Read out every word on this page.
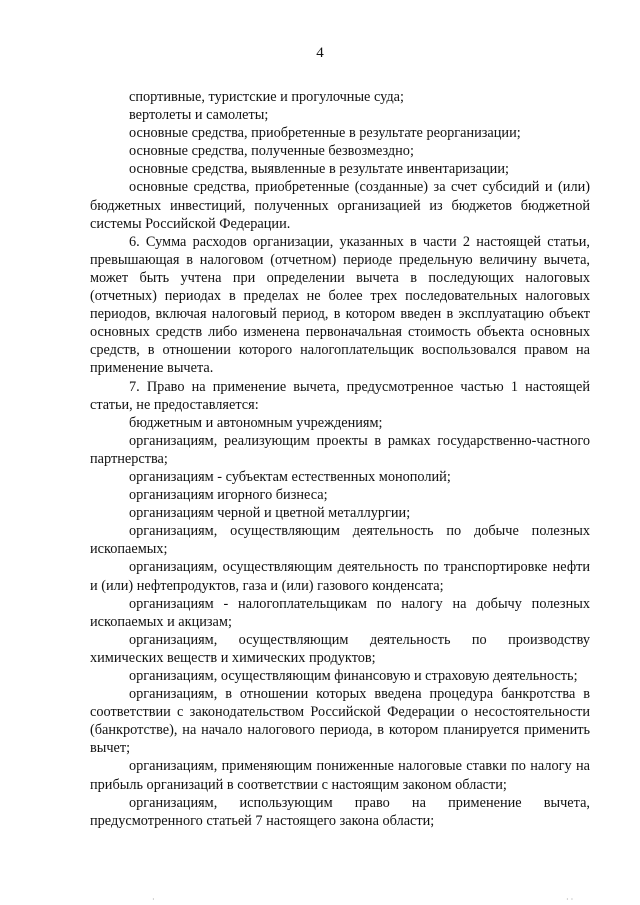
4

спортивные, туристские и прогулочные суда;

вертолеты и самолеты;

основные средства, приобретенные в результате реорганизации;

основные средства, полученные безвозмездно;

основные средства, выявленные в результате инвентаризации;

основные средства, приобретенные (созданные) за счет субсидий и (или) бюджетных инвестиций, полученных организацией из бюджетов бюджетной системы Российской Федерации.

6. Сумма расходов организации, указанных в части 2 настоящей статьи, превышающая в налоговом (отчетном) периоде предельную величину вычета, может быть учтена при определении вычета в последующих налоговых (отчетных) периодах в пределах не более трех последовательных налоговых периодов, включая налоговый период, в котором введен в эксплуатацию объект основных средств либо изменена первоначальная стоимость объекта основных средств, в отношении которого налогоплательщик воспользовался правом на применение вычета.

7. Право на применение вычета, предусмотренное частью 1 настоящей статьи, не предоставляется:

бюджетным и автономным учреждениям;

организациям, реализующим проекты в рамках государственно-частного партнерства;

организациям - субъектам естественных монополий;

организациям игорного бизнеса;

организациям черной и цветной металлургии;

организациям, осуществляющим деятельность по добыче полезных ископаемых;

организациям, осуществляющим деятельность по транспортировке нефти и (или) нефтепродуктов, газа и (или) газового конденсата;

организациям - налогоплательщикам по налогу на добычу полезных ископаемых и акцизам;

организациям, осуществляющим деятельность по производству химических веществ и химических продуктов;

организациям, осуществляющим финансовую и страховую деятельность;

организациям, в отношении которых введена процедура банкротства в соответствии с законодательством Российской Федерации о несостоятельности (банкротстве), на начало налогового периода, в котором планируется применить вычет;

организациям, применяющим пониженные налоговые ставки по налогу на прибыль организаций в соответствии с настоящим законом области;

организациям, использующим право на применение вычета, предусмотренного статьей 7 настоящего закона области;

·	· ·
